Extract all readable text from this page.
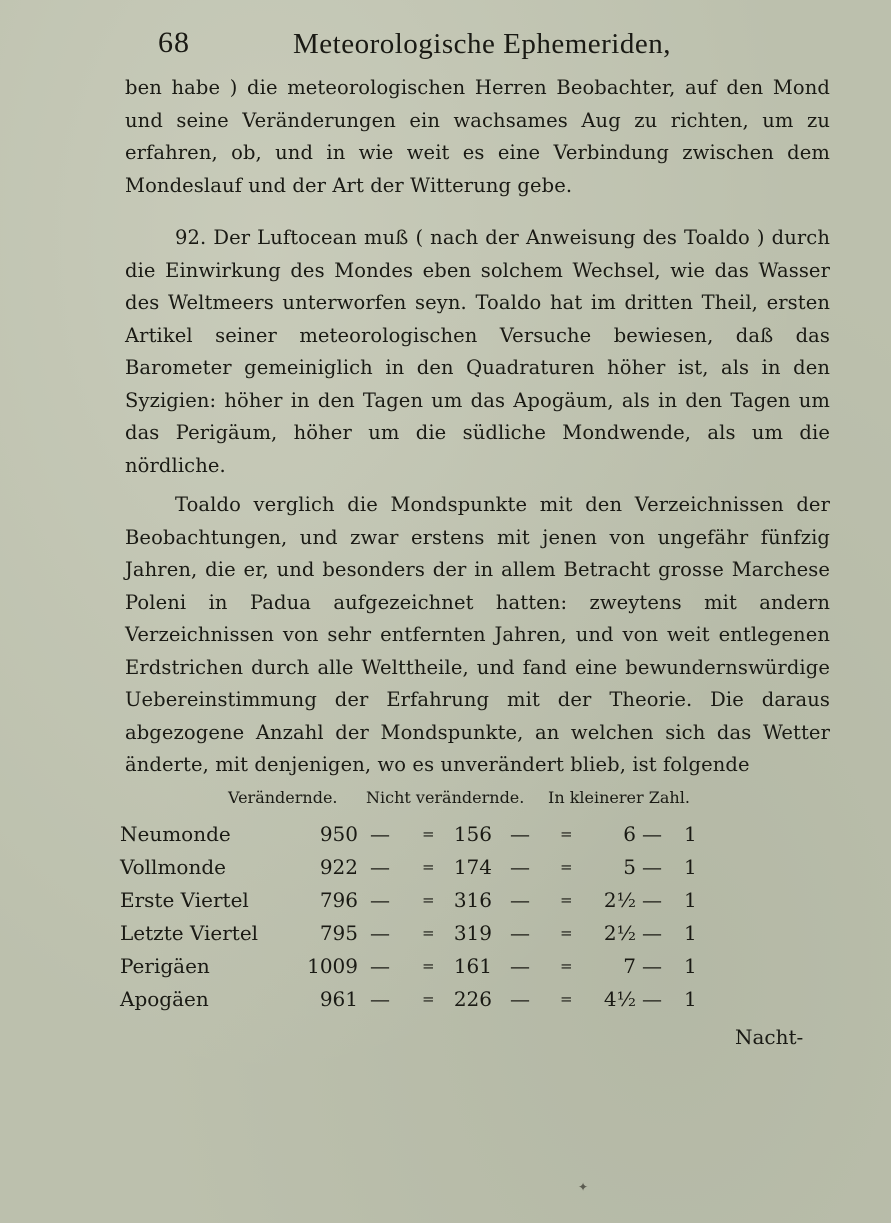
68	Meteorologische Ephemeriden,

ben habe ) die meteorologischen Herren Beobachter, auf den Mond und seine Veränderungen ein wachsames Aug zu richten, um zu erfahren, ob, und in wie weit es eine Verbindung zwischen dem Mondeslauf und der Art der Witterung gebe.

92. Der Luftocean muß ( nach der Anweisung des Toaldo ) durch die Einwirkung des Mondes eben solchem Wechsel, wie das Wasser des Weltmeers unterworfen seyn. Toaldo hat im dritten Theil, ersten Artikel seiner meteorologischen Versuche bewiesen, daß das Barometer gemeiniglich in den Quadraturen höher ist, als in den Syzigien: höher in den Tagen um das Apogäum, als in den Tagen um das Perigäum, höher um die südliche Mondwende, als um die nördliche.

Toaldo verglich die Mondspunkte mit den Verzeichnissen der Beobachtungen, und zwar erstens mit jenen von ungefähr fünfzig Jahren, die er, und besonders der in allem Betracht grosse Marchese Poleni in Padua aufgezeichnet hatten: zweytens mit andern Verzeichnissen von sehr entfernten Jahren, und von weit entlegenen Erdstrichen durch alle Welttheile, und fand eine bewundernswürdige Uebereinstimmung der Erfahrung mit der Theorie. Die daraus abgezogene Anzahl der Mondspunkte, an welchen sich das Wetter änderte, mit denjenigen, wo es unverändert blieb, ist folgende

Verändernde. Nicht verändernde. In kleinerer Zahl.
Neumonde	950 — = 156 — =	6 — 1
Vollmonde	922 — = 174 — =	5 — 1
Erste Viertel	796 — = 316 — =	2½ — 1
Letzte Viertel	795 — = 319 — =	2½ — 1
Perigäen	1009 — = 161 — =	7 — 1
Apogäen	961 — = 226 — =	4½ — 1
Nacht-
✦
